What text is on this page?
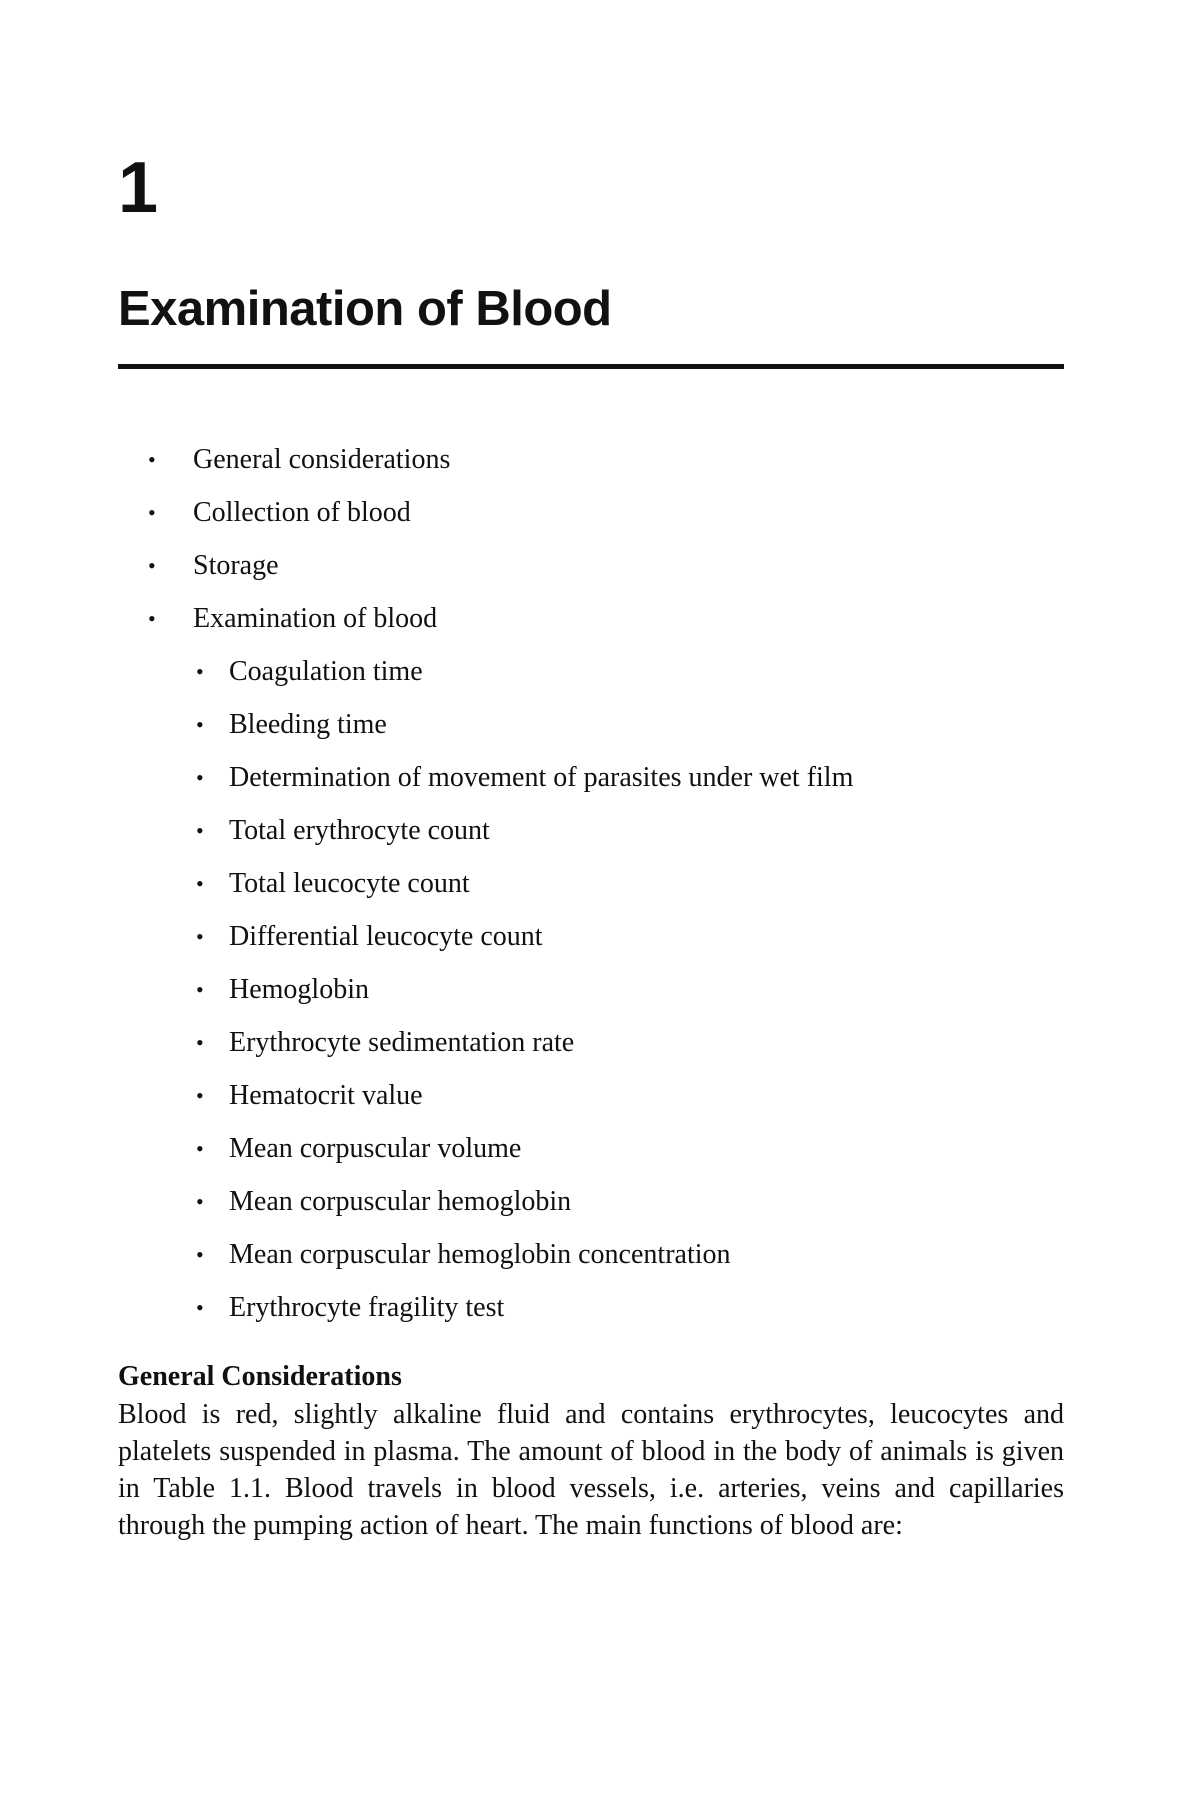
1
Examination of Blood
• General considerations
• Collection of blood
• Storage
• Examination of blood
• Coagulation time
• Bleeding time
• Determination of movement of parasites under wet film
• Total erythrocyte count
• Total leucocyte count
• Differential leucocyte count
• Hemoglobin
• Erythrocyte sedimentation rate
• Hematocrit value
• Mean corpuscular volume
• Mean corpuscular hemoglobin
• Mean corpuscular hemoglobin concentration
• Erythrocyte fragility test
General Considerations

Blood is red, slightly alkaline fluid and contains erythrocytes, leucocytes and platelets suspended in plasma. The amount of blood in the body of animals is given in Table 1.1. Blood travels in blood vessels, i.e. arteries, veins and capillaries through the pumping action of heart. The main functions of blood are:
